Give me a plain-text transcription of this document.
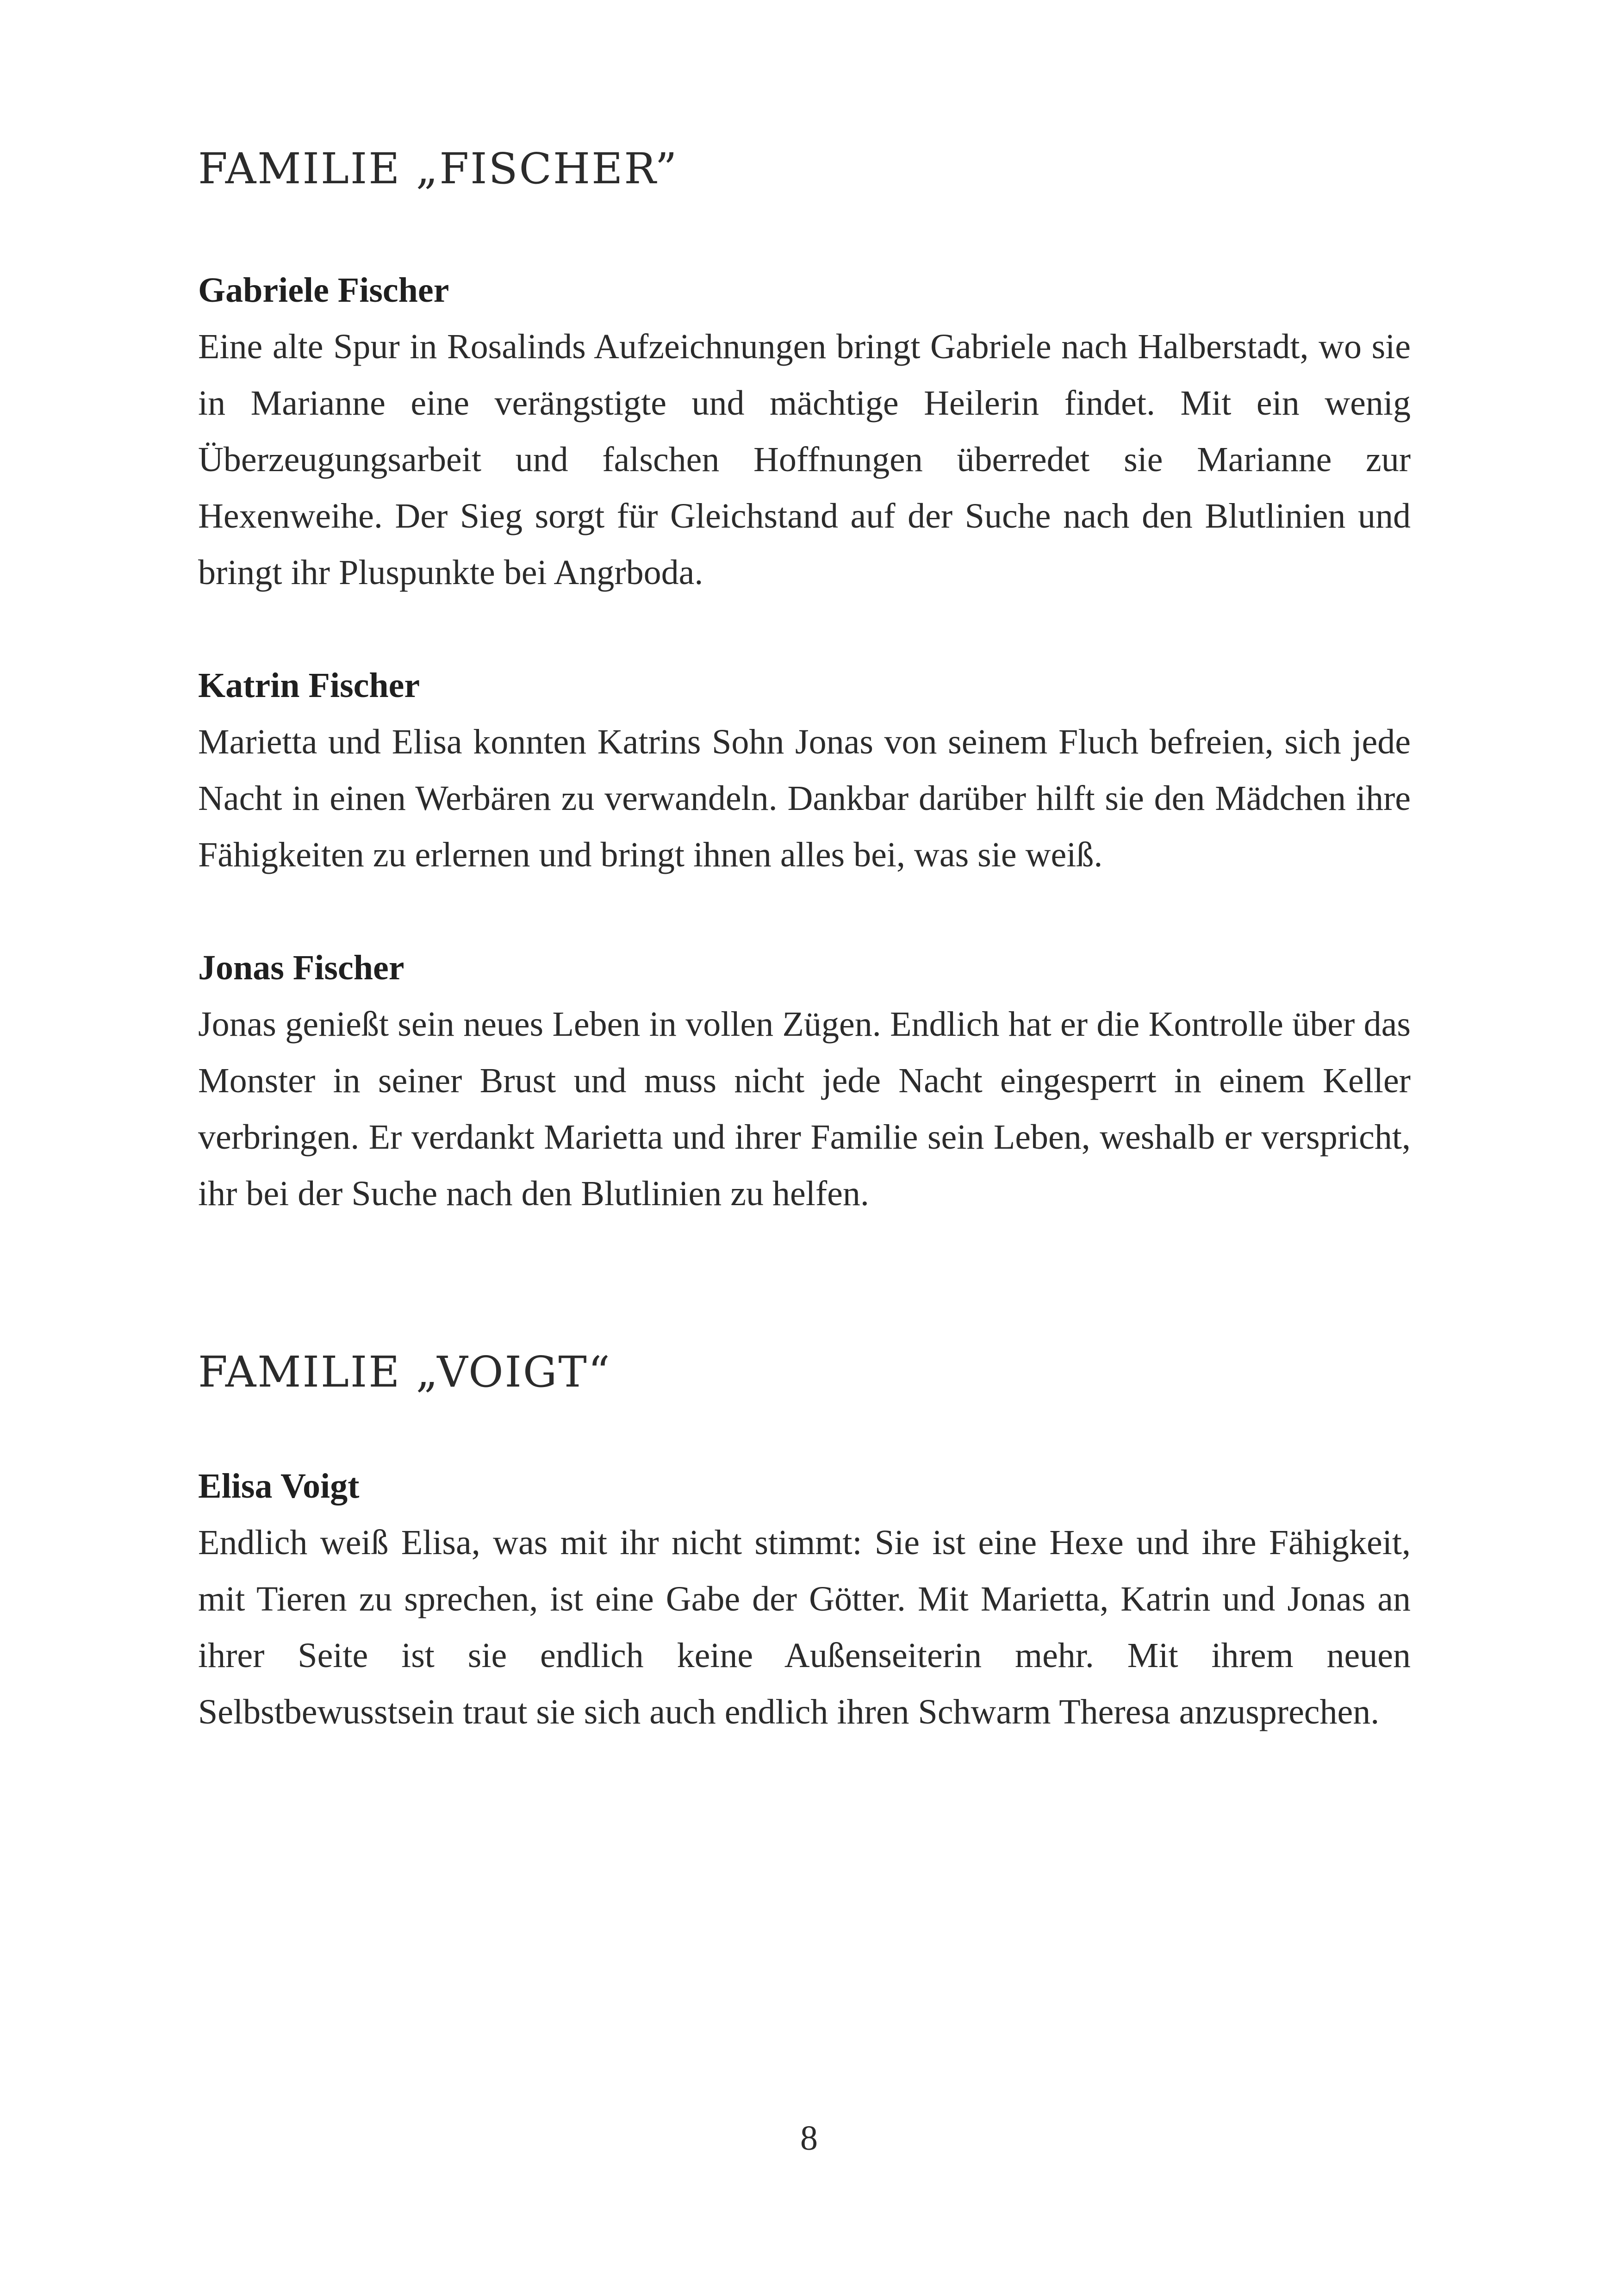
FAMILIE „FISCHER”

Gabriele Fischer

Eine alte Spur in Rosalinds Aufzeichnungen bringt Gabriele nach Halberstadt, wo sie in Marianne eine verängstigte und mächtige Heilerin findet. Mit ein wenig Überzeugungsarbeit und falschen Hoffnungen überredet sie Marianne zur Hexenweihe. Der Sieg sorgt für Gleichstand auf der Suche nach den Blutlinien und bringt ihr Pluspunkte bei Angrboda.

Katrin Fischer

Marietta und Elisa konnten Katrins Sohn Jonas von seinem Fluch befreien, sich jede Nacht in einen Werbären zu verwandeln. Dankbar darüber hilft sie den Mädchen ihre Fähigkeiten zu erlernen und bringt ihnen alles bei, was sie weiß.

Jonas Fischer

Jonas genießt sein neues Leben in vollen Zügen. Endlich hat er die Kontrolle über das Monster in seiner Brust und muss nicht jede Nacht eingesperrt in einem Keller verbringen. Er verdankt Marietta und ihrer Familie sein Leben, weshalb er verspricht, ihr bei der Suche nach den Blutlinien zu helfen.

FAMILIE „VOIGT“

Elisa Voigt

Endlich weiß Elisa, was mit ihr nicht stimmt: Sie ist eine Hexe und ihre Fähigkeit, mit Tieren zu sprechen, ist eine Gabe der Götter. Mit Marietta, Katrin und Jonas an ihrer Seite ist sie endlich keine Außenseiterin mehr. Mit ihrem neuen Selbstbewusstsein traut sie sich auch endlich ihren Schwarm Theresa anzusprechen.

8
